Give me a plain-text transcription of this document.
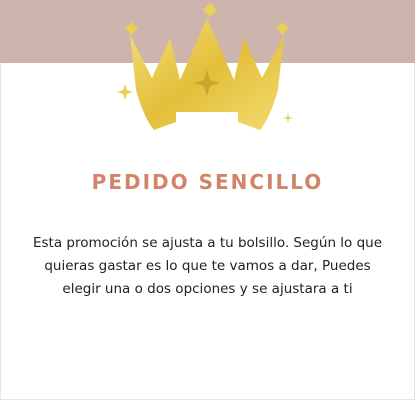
PEDIDO SENCILLO
Esta promoción se ajusta a tu bolsillo. Según lo que quieras gastar es lo que te vamos a dar, Puedes elegir una o dos opciones y se ajustara a ti
